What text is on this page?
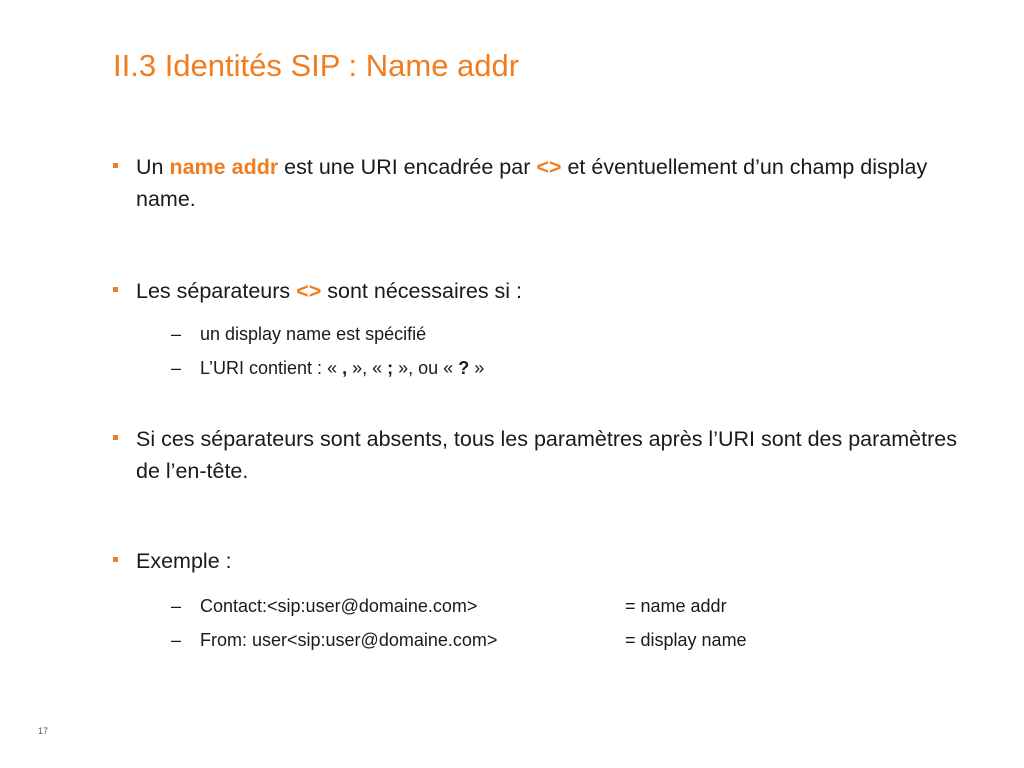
II.3 Identités SIP : Name addr
Un name addr est une URI encadrée par <> et éventuellement d’un champ display name.
Les séparateurs <> sont nécessaires si :
– un display name est spécifié
– L’URI contient : « , », « ; », ou « ? »
Si ces séparateurs sont absents, tous les paramètres après l’URI sont des paramètres de l’en-tête.
Exemple :
– Contact:<sip:user@domaine.com>	= name addr
– From: user<sip:user@domaine.com>	= display name
17
